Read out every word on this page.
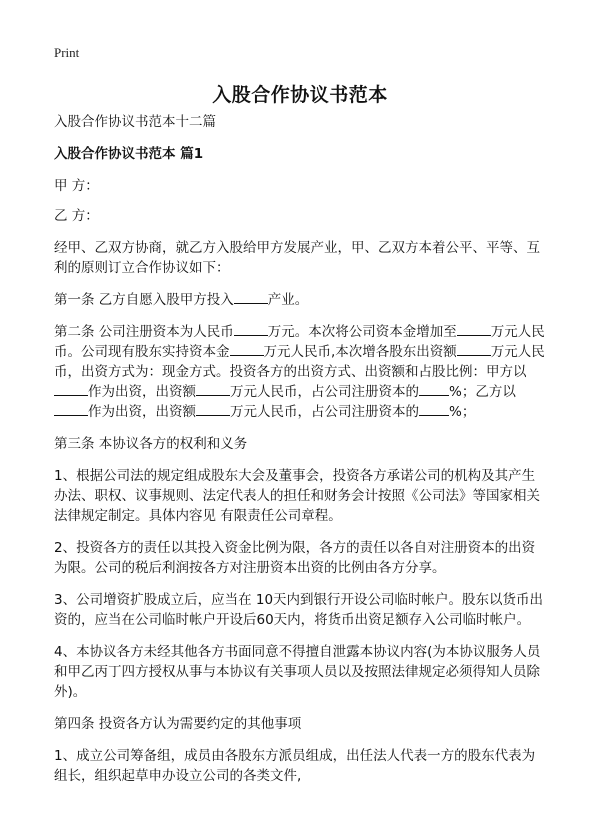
Print
入股合作协议书范本

入股合作协议书范本十二篇

入股合作协议书范本 篇1

甲 方：

乙 方：

经甲、乙双方协商，就乙方入股给甲方发展产业，甲、乙双方本着公平、平等、互利的原则订立合作协议如下：

第一条 乙方自愿入股甲方投入	产业。

第二条 公司注册资本为人民币	万元。本次将公司资本金增加至	万元人民币。公司现有股东实持资本金	万元人民币,本次增各股东出资额	万元人民币，出资方式为：现金方式。投资各方的出资方式、出资额和占股比例：甲方以作为出资，出资额	万元人民币，占公司注册资本的 %；乙方以作为出资，出资额	万元人民币，占公司注册资本的 %；

第三条 本协议各方的权利和义务

1、根据公司法的规定组成股东大会及董事会，投资各方承诺公司的机构及其产生办法、职权、议事规则、法定代表人的担任和财务会计按照《公司法》等国家相关法律规定制定。具体内容见 有限责任公司章程。

2、投资各方的责任以其投入资金比例为限，各方的责任以各自对注册资本的出资为限。公司的税后利润按各方对注册资本出资的比例由各方分享。

3、公司增资扩股成立后，应当在 10天内到银行开设公司临时帐户。股东以货币出资的，应当在公司临时帐户开设后60天内，将货币出资足额存入公司临时帐户。

4、本协议各方未经其他各方书面同意不得擅自泄露本协议内容(为本协议服务人员和甲乙丙丁四方授权从事与本协议有关事项人员以及按照法律规定必须得知人员除外)。

第四条 投资各方认为需要约定的其他事项

1、成立公司筹备组，成员由各股东方派员组成，出任法人代表一方的股东代表为组长，组织起草申办设立公司的各类文件,
